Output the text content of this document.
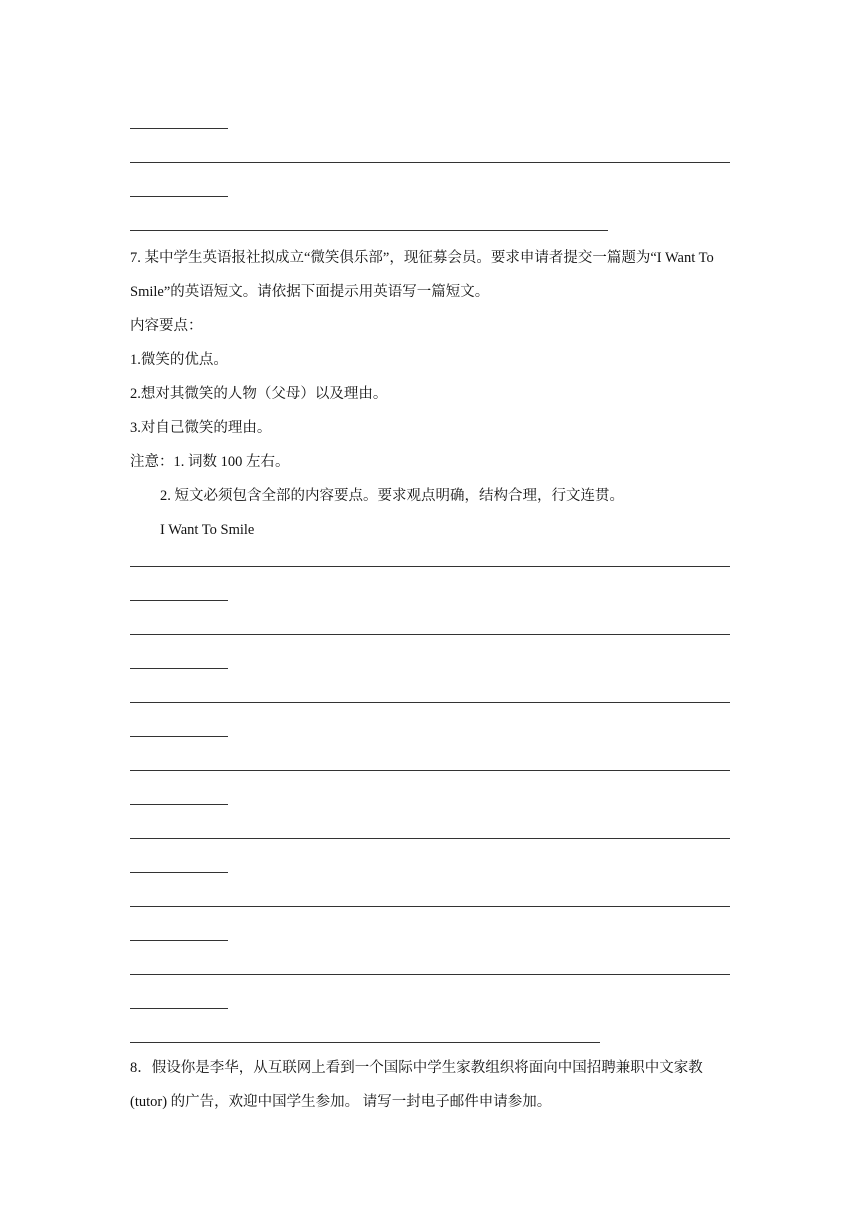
7. 某中学生英语报社拟成立“微笑俱乐部”，现征募会员。要求申请者提交一篇题为“I Want To
Smile”的英语短文。请依据下面提示用英语写一篇短文。
内容要点：
1.微笑的优点。
2.想对其微笑的人物（父母）以及理由。
3.对自己微笑的理由。
注意：1. 词数 100 左右。
2. 短文必须包含全部的内容要点。要求观点明确，结构合理，行文连贯。
I Want To Smile
8．假设你是李华，从互联网上看到一个国际中学生家教组织将面向中国招聘兼职中文家教
(tutor) 的广告，欢迎中国学生参加。 请写一封电子邮件申请参加。
